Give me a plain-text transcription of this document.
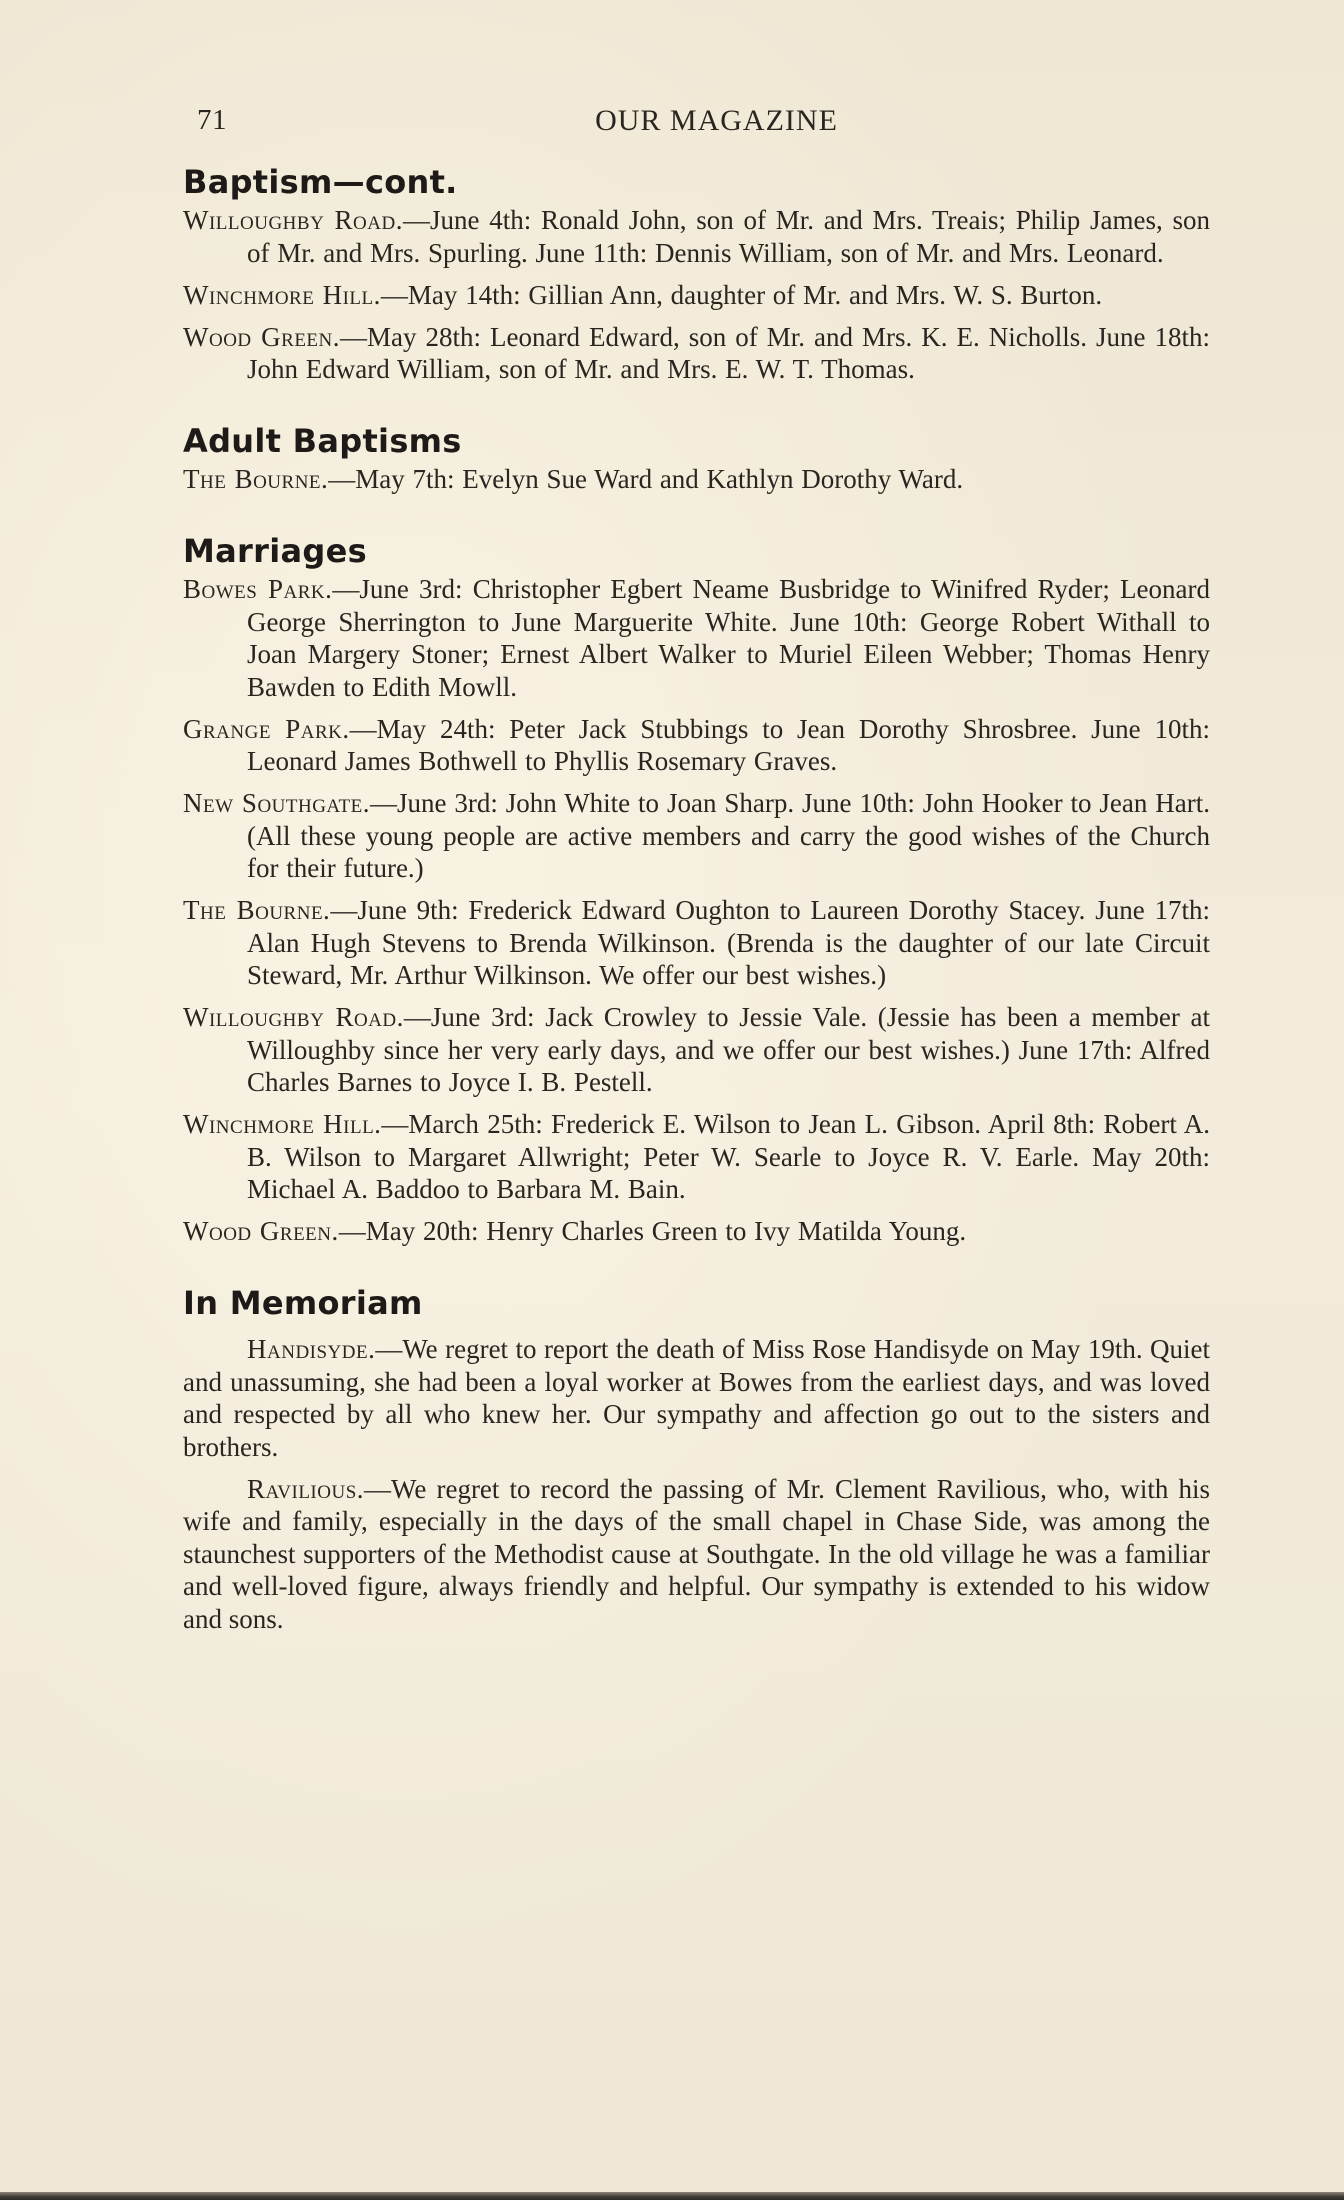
71	OUR MAGAZINE
Baptism—cont.

Willoughby Road.—June 4th: Ronald John, son of Mr. and Mrs. Treais; Philip James, son of Mr. and Mrs. Spurling. June 11th: Dennis William, son of Mr. and Mrs. Leonard.

Winchmore Hill.—May 14th: Gillian Ann, daughter of Mr. and Mrs. W. S. Burton.

Wood Green.—May 28th: Leonard Edward, son of Mr. and Mrs. K. E. Nicholls. June 18th: John Edward William, son of Mr. and Mrs. E. W. T. Thomas.

Adult Baptisms

The Bourne.—May 7th: Evelyn Sue Ward and Kathlyn Dorothy Ward.

Marriages

Bowes Park.—June 3rd: Christopher Egbert Neame Busbridge to Winifred Ryder; Leonard George Sherrington to June Marguerite White. June 10th: George Robert Withall to Joan Margery Stoner; Ernest Albert Walker to Muriel Eileen Webber; Thomas Henry Bawden to Edith Mowll.

Grange Park.—May 24th: Peter Jack Stubbings to Jean Dorothy Shrosbree. June 10th: Leonard James Bothwell to Phyllis Rosemary Graves.

New Southgate.—June 3rd: John White to Joan Sharp. June 10th: John Hooker to Jean Hart. (All these young people are active members and carry the good wishes of the Church for their future.)

The Bourne.—June 9th: Frederick Edward Oughton to Laureen Dorothy Stacey. June 17th: Alan Hugh Stevens to Brenda Wilkinson. (Brenda is the daughter of our late Circuit Steward, Mr. Arthur Wilkinson. We offer our best wishes.)

Willoughby Road.—June 3rd: Jack Crowley to Jessie Vale. (Jessie has been a member at Willoughby since her very early days, and we offer our best wishes.) June 17th: Alfred Charles Barnes to Joyce I. B. Pestell.

Winchmore Hill.—March 25th: Frederick E. Wilson to Jean L. Gibson. April 8th: Robert A. B. Wilson to Margaret Allwright; Peter W. Searle to Joyce R. V. Earle. May 20th: Michael A. Baddoo to Barbara M. Bain.

Wood Green.—May 20th: Henry Charles Green to Ivy Matilda Young.

In Memoriam

Handisyde.—We regret to report the death of Miss Rose Handisyde on May 19th. Quiet and unassuming, she had been a loyal worker at Bowes from the earliest days, and was loved and respected by all who knew her. Our sympathy and affection go out to the sisters and brothers.

Ravilious.—We regret to record the passing of Mr. Clement Ravilious, who, with his wife and family, especially in the days of the small chapel in Chase Side, was among the staunchest supporters of the Methodist cause at Southgate. In the old village he was a familiar and well-loved figure, always friendly and helpful. Our sympathy is extended to his widow and sons.
